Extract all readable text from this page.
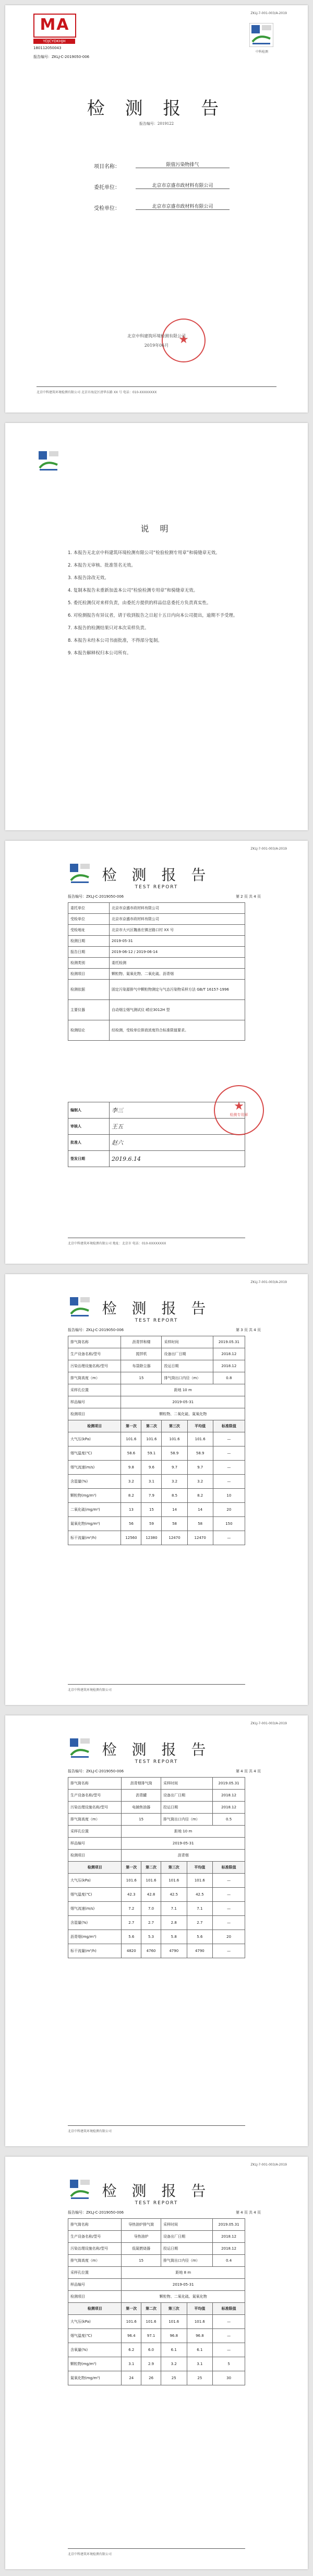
MA
YDJCYDKHJH
180112050043
报告编号：ZKLJ-C-2019050-006
ZKLJ-7-001-003/A-2019
中科检测
检 测 报 告
报告编号：2019122
项目名称：	限值污染物排气
委托单位：	北京市京盛市政材料有限公司
受检单位：	北京市京盛市政材料有限公司
★
北京中科建筑环境检测有限公司
2019年06月
北京中科建筑环境检测有限公司 北京市海淀区清华东路 XX 号 电话：010-XXXXXXXX
说 明
1. 本报告无北京中科建筑环境检测有限公司“检验检测专用章”和骑缝章无效。
2. 本报告无审核、批准签名无效。
3. 本报告涂改无效。
4. 复制本报告未重新加盖本公司“检验检测专用章”和骑缝章无效。
5. 委托检测仅对来样负责，由委托方提供的样品信息委托方负责真实性。
6. 对检测报告有异议者，请于收到报告之日起十五日内向本公司提出，逾期不予受理。
7. 本报告的检测结果只对本次采样负责。
8. 本报告未经本公司书面批准，不得部分复制。
9. 本报告解释权归本公司所有。
ZKLJ-7-001-003/A-2019
检 测 报 告
TEST REPORT
报告编号：ZKLJ-C-2019050-006	第 2 页 共 4 页
委托单位	北京市京盛市政材料有限公司
受检单位	北京市京盛市政材料有限公司
受检地址	北京市大兴区魏善庄镇岔路口村 XX 号
检测日期	2019-05-31
报告日期	2019-06-12 / 2019-06-14
检测类别	委托检测
检测项目	颗粒物、氮氧化物、二氧化硫、沥青烟
检测依据	固定污染源排气中颗粒物测定与气态污染物采样方法 GB/T 16157-1996
主要仪器	自动烟尘烟气测试仪 崂应3012H 型
检测结论	经检测，受检单位排放浓度符合标准限值要求。
编制人	李三
审核人	王五
批准人	赵六
签发日期	2019.6.14
★
检测专用章
北京中科建筑环境检测有限公司 地址：北京市 电话：010-XXXXXXXX
ZKLJ-7-001-003/A-2019
检 测 报 告
TEST REPORT
报告编号：ZKLJ-C-2019050-006	第 3 页 共 4 页
北京中科建筑环境检测有限公司
排气筒名称	沥青拌和楼		采样时间		2019.05.31
生产设备名称/型号	搅拌机		设备出厂日期		2018.12
污染治理设施名称/型号	布袋除尘器		投运日期		2018.12
排气筒高度（m）	15		排气筒出口内径（m）		0.8
采样孔位置	距地 10 m				
样品编号	2019-05-31				
检测项目	颗粒物、二氧化硫、氮氧化物				
检测项目	第一次	第二次	第三次	平均值	标准限值
大气压(kPa)	101.6	101.6	101.6	101.6	—
烟气温度(℃)	58.6	59.1	58.9	58.9	—
烟气流速(m/s)	9.8	9.6	9.7	9.7	—
含湿量(%)	3.2	3.1	3.2	3.2	—
颗粒物(mg/m³)	8.2	7.9	8.5	8.2	10
二氧化硫(mg/m³)	13	15	14	14	20
氮氧化物(mg/m³)	56	59	58	58	150
标干流量(m³/h)	12560	12380	12470	12470	—
ZKLJ-7-001-003/A-2019
检 测 报 告
TEST REPORT
报告编号：ZKLJ-C-2019050-006	第 4 页 共 4 页
北京中科建筑环境检测有限公司
排气筒名称	沥青烟排气筒		采样时间		2019.05.31
生产设备名称/型号	沥青罐		设备出厂日期		2018.12
污染治理设施名称/型号	电捕焦油器		投运日期		2018.12
排气筒高度（m）	15		排气筒出口内径（m）		0.5
采样孔位置	距地 10 m				
样品编号	2019-05-31				
检测项目	沥青烟				
检测项目	第一次	第二次	第三次	平均值	标准限值
大气压(kPa)	101.6	101.6	101.6	101.6	—
烟气温度(℃)	42.3	42.8	42.5	42.5	—
烟气流速(m/s)	7.2	7.0	7.1	7.1	—
含湿量(%)	2.7	2.7	2.8	2.7	—
沥青烟(mg/m³)	5.6	5.3	5.8	5.6	20
标干流量(m³/h)	4820	4760	4790	4790	—
ZKLJ-7-001-003/A-2019
检 测 报 告
TEST REPORT
报告编号：ZKLJ-C-2019050-006	第 4 页 共 4 页
北京中科建筑环境检测有限公司
排气筒名称	导热油炉排气筒		采样时间		2019.05.31
生产设备名称/型号	导热油炉		设备出厂日期		2018.12
污染治理设施名称/型号	低氮燃烧器		投运日期		2018.12
排气筒高度（m）	15		排气筒出口内径（m）		0.4
采样孔位置	距地 8 m				
样品编号	2019-05-31				
检测项目	颗粒物、二氧化硫、氮氧化物				
检测项目	第一次	第二次	第三次	平均值	标准限值
大气压(kPa)	101.6	101.6	101.6	101.6	—
烟气温度(℃)	96.4	97.1	96.8	96.8	—
含氧量(%)	6.2	6.0	6.1	6.1	—
颗粒物(mg/m³)	3.1	2.9	3.2	3.1	5
氮氧化物(mg/m³)	24	26	25	25	30
